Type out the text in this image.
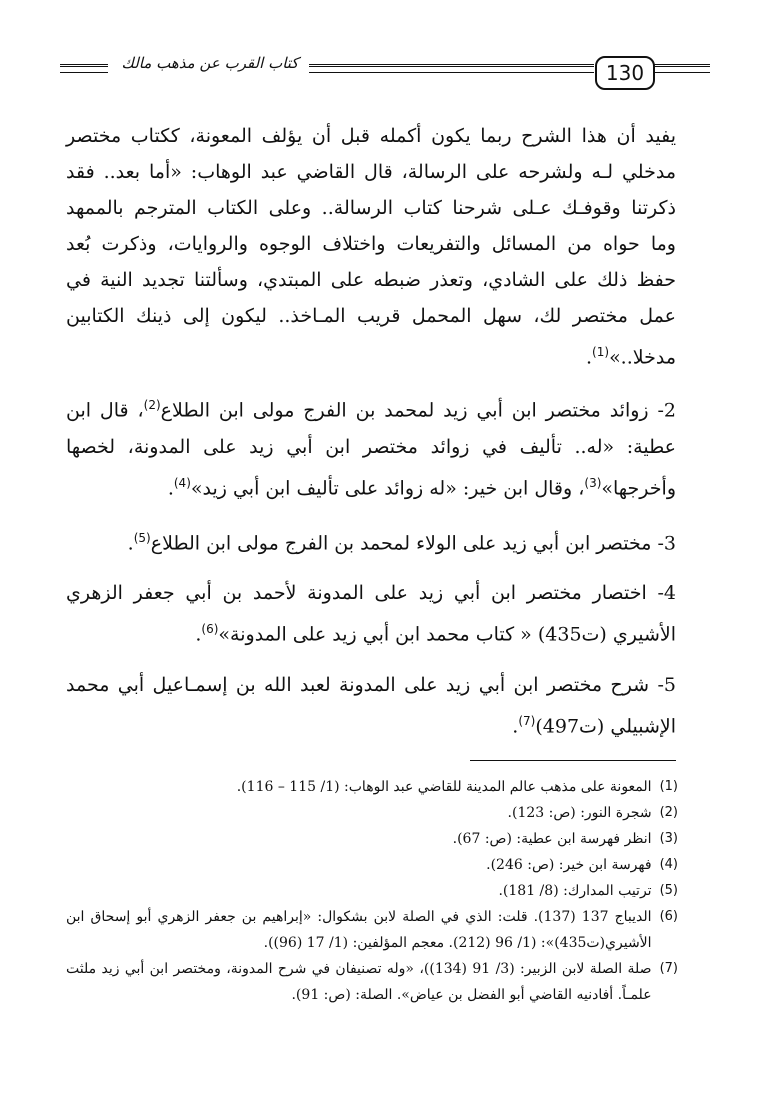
130
كتاب القرب عن مذهب مالك

يفيد أن هذا الشرح ربما يكون أكمله قبل أن يؤلف المعونة، ككتاب مختصر مدخلي لـه ولشرحه على الرسالة، قال القاضي عبد الوهاب: «أما بعد.. فقد ذكرتنا وقوفـك عـلى شرحنا كتاب الرسالة.. وعلى الكتاب المترجم بالممهد وما حواه من المسائل والتفريعات واختلاف الوجوه والروايات، وذكرت بُعد حفظ ذلك على الشادي، وتعذر ضبطه على المبتدي، وسألتنا تجديد النية في عمل مختصر لك، سهل المحمل قريب المـاخذ.. ليكون إلى ذينك الكتابين مدخلا..»$^{(1)}$.

2- زوائد مختصر ابن أبي زيد لمحمد بن الفرج مولى ابن الطلاع$^{(2)}$، قال ابن عطية: «له.. تأليف في زوائد مختصر ابن أبي زيد على المدونة، لخصها وأخرجها»$^{(3)}$، وقال ابن خير: «له زوائد على تأليف ابن أبي زيد»$^{(4)}$.

3- مختصر ابن أبي زيد على الولاء لمحمد بن الفرج مولى ابن الطلاع$^{(5)}$.

4- اختصار مختصر ابن أبي زيد على المدونة لأحمد بن أبي جعفر الزهري الأشيري (ت435) « كتاب محمد ابن أبي زيد على المدونة»$^{(6)}$.

5- شرح مختصر ابن أبي زيد على المدونة لعبد الله بن إسمـاعيل أبي محمد الإشبيلي (ت497)$^{(7)}$.

(1)
المعونة على مذهب عالم المدينة للقاضي عبد الوهاب: (1/ 115 – 116).

(2)
شجرة النور: (ص: 123).

(3)
انظر فهرسة ابن عطية: (ص: 67).

(4)
فهرسة ابن خير: (ص: 246).

(5)
ترتيب المدارك: (8/ 181).

(6)
الديباج 137 (137). قلت: الذي في الصلة لابن بشكوال: «إبراهيم بن جعفر الزهري أبو إسحاق ابن الأشيري(ت435)»: (1/ 96 (212). معجم المؤلفين: (1/ 17 (96)).

(7)
صلة الصلة لابن الزبير: (3/ 91 (134))، «وله تصنيفان في شرح المدونة، ومختصر ابن أبي زيد ملثت علمـاً. أفادنيه القاضي أبو الفضل بن عياض». الصلة: (ص: 91).
